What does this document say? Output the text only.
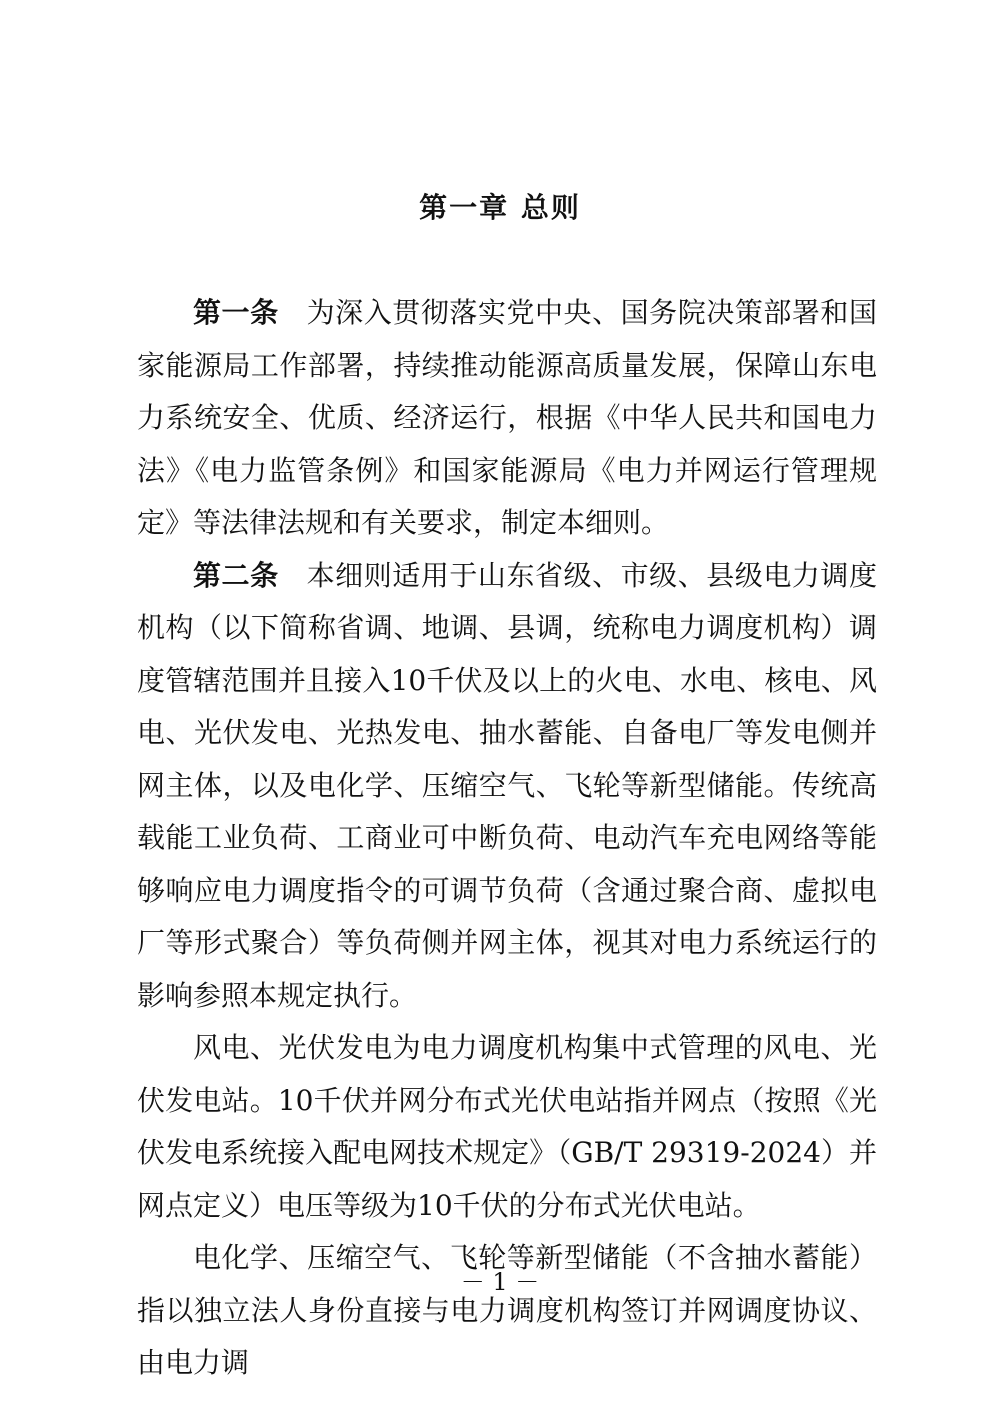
第一章 总则

第一条 为深入贯彻落实党中央、国务院决策部署和国家能源局工作部署，持续推动能源高质量发展，保障山东电力系统安全、优质、经济运行，根据《中华人民共和国电力法》《电力监管条例》和国家能源局《电力并网运行管理规定》等法律法规和有关要求，制定本细则。

第二条 本细则适用于山东省级、市级、县级电力调度机构（以下简称省调、地调、县调，统称电力调度机构）调度管辖范围并且接入10千伏及以上的火电、水电、核电、风电、光伏发电、光热发电、抽水蓄能、自备电厂等发电侧并网主体，以及电化学、压缩空气、飞轮等新型储能。传统高载能工业负荷、工商业可中断负荷、电动汽车充电网络等能够响应电力调度指令的可调节负荷（含通过聚合商、虚拟电厂等形式聚合）等负荷侧并网主体，视其对电力系统运行的影响参照本规定执行。

风电、光伏发电为电力调度机构集中式管理的风电、光伏发电站。10千伏并网分布式光伏电站指并网点（按照《光伏发电系统接入配电网技术规定》（GB/T 29319-2024）并网点定义）电压等级为10千伏的分布式光伏电站。

电化学、压缩空气、飞轮等新型储能（不含抽水蓄能）指以独立法人身份直接与电力调度机构签订并网调度协议、由电力调

－ 1 －
